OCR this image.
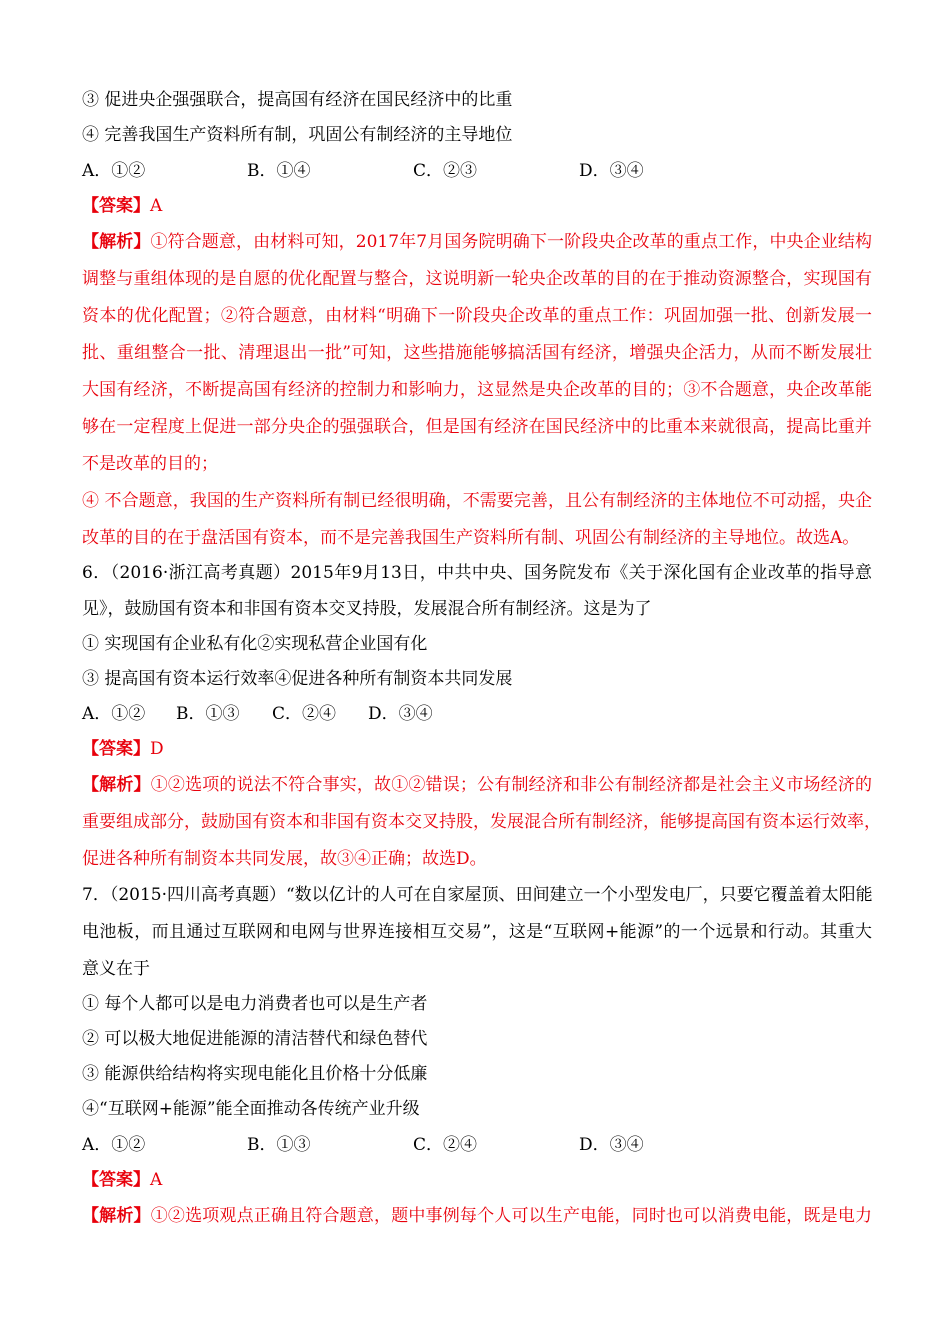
③ 促进央企强强联合，提高国有经济在国民经济中的比重
④ 完善我国生产资料所有制，巩固公有制经济的主导地位
A．①②	B．①④	C．②③	D．③④
【答案】A
【解析】①符合题意，由材料可知，2017年7月国务院明确下一阶段央企改革的重点工作，中央企业结构
调整与重组体现的是自愿的优化配置与整合，这说明新一轮央企改革的目的在于推动资源整合，实现国有
资本的优化配置；②符合题意，由材料“明确下一阶段央企改革的重点工作：巩固加强一批、创新发展一
批、重组整合一批、清理退出一批”可知，这些措施能够搞活国有经济，增强央企活力，从而不断发展壮
大国有经济，不断提高国有经济的控制力和影响力，这显然是央企改革的目的；③不合题意，央企改革能
够在一定程度上促进一部分央企的强强联合，但是国有经济在国民经济中的比重本来就很高，提高比重并
不是改革的目的；
④ 不合题意，我国的生产资料所有制已经很明确，不需要完善，且公有制经济的主体地位不可动摇，央企
改革的目的在于盘活国有资本，而不是完善我国生产资料所有制、巩固公有制经济的主导地位。故选A。
6．（2016·浙江高考真题）2015年9月13日，中共中央、国务院发布《关于深化国有企业改革的指导意
见》，鼓励国有资本和非国有资本交叉持股，发展混合所有制经济。这是为了
① 实现国有企业私有化②实现私营企业国有化
③ 提高国有资本运行效率④促进各种所有制资本共同发展
A．①② B．①③ C．②④ D．③④
【答案】D
【解析】①②选项的说法不符合事实，故①②错误；公有制经济和非公有制经济都是社会主义市场经济的
重要组成部分，鼓励国有资本和非国有资本交叉持股，发展混合所有制经济，能够提高国有资本运行效率，
促进各种所有制资本共同发展，故③④正确；故选D。
7．（2015·四川高考真题）“数以亿计的人可在自家屋顶、田间建立一个小型发电厂，只要它覆盖着太阳能
电池板，而且通过互联网和电网与世界连接相互交易”，这是“互联网+能源”的一个远景和行动。其重大
意义在于
① 每个人都可以是电力消费者也可以是生产者
② 可以极大地促进能源的清洁替代和绿色替代
③ 能源供给结构将实现电能化且价格十分低廉
④“互联网+能源”能全面推动各传统产业升级
A．①②	B．①③	C．②④	D．③④
【答案】A
【解析】①②选项观点正确且符合题意，题中事例每个人可以生产电能，同时也可以消费电能，既是电力
